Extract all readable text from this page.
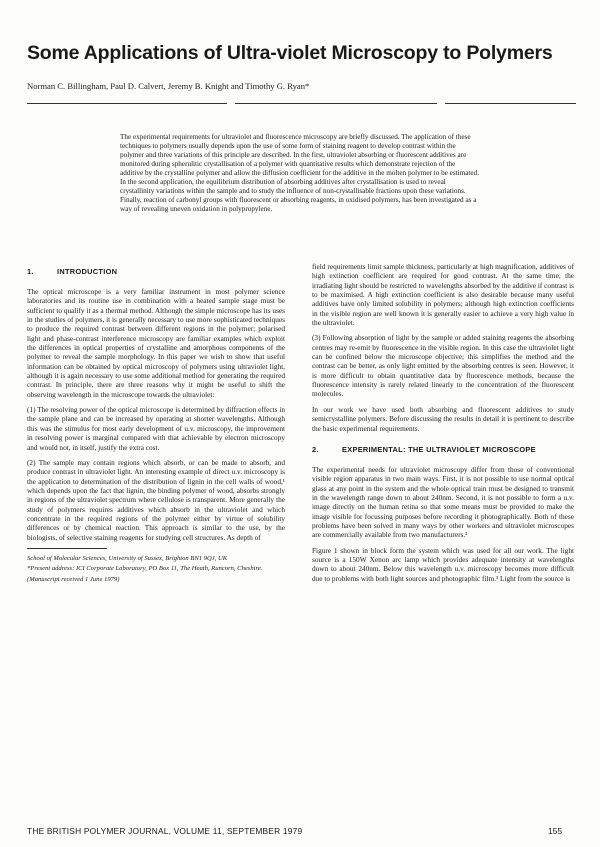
Some Applications of Ultra-violet Microscopy to Polymers
Norman C. Billingham, Paul D. Calvert, Jeremy B. Knight and Timothy G. Ryan*

The experimental requirements for ultraviolet and fluorescence microscopy are briefly discussed. The application of these techniques to polymers usually depends upon the use of some form of staining reagent to develop contrast within the polymer and three variations of this principle are described. In the first, ultraviolet absorbing or fluorescent additives are monitored during spherulitic crystallisation of a polymer with quantitative results which demonstrate rejection of the additive by the crystalline polymer and allow the diffusion coefficient for the additive in the molten polymer to be estimated. In the second application, the equilibrium distribution of absorbing additives after crystallisation is used to reveal crystallinity variations within the sample and to study the influence of non-crystallisable fractions upon these variations. Finally, reaction of carbonyl groups with fluorescent or absorbing reagents, in oxidised polymers, has been investigated as a way of revealing uneven oxidation in polypropylene.

1.	INTRODUCTION

The optical microscope is a very familiar instrument in most polymer science laboratories and its routine use in combination with a heated sample stage must be sufficient to qualify it as a thermal method. Although the simple microscope has its uses in the studies of polymers, it is generally necessary to use more sophisticated techniques to produce the required contrast between different regions in the polymer; polarised light and phase-contrast interference microscopy are familiar examples which exploit the differences in optical properties of crystalline and amorphous components of the polymer to reveal the sample morphology. In this paper we wish to show that useful information can be obtained by optical microscopy of polymers using ultraviolet light, although it is again necessary to use some additional method for generating the required contrast. In principle, there are three reasons why it might be useful to shift the observing wavelength in the microscope towards the ultraviolet:

(1) The resolving power of the optical microscope is determined by diffraction effects in the sample plane and can be increased by operating at shorter wavelengths. Although this was the stimulus for most early development of u.v. microscopy, the improvement in resolving power is marginal compared with that achievable by electron microscopy and would not, in itself, justify the extra cost.

(2) The sample may contain regions which absorb, or can be made to absorb, and produce contrast in ultraviolet light. An interesting example of direct u.v. microscopy is the application to determination of the distribution of lignin in the cell walls of wood,¹ which depends upon the fact that lignin, the binding polymer of wood, absorbs strongly in regions of the ultraviolet spectrum where cellulose is transparent. More generally the study of polymers requires additives which absorb in the ultraviolet and which concentrate in the required regions of the polymer either by virtue of solubility differences or by chemical reaction. This approach is similar to the use, by the biologists, of selective staining reagents for studying cell structures. As depth of

School of Molecular Sciences, University of Sussex, Brighton BN1 9QJ, UK

*Present address: ICI Corporate Laboratory, PO Box 11, The Heath, Runcorn, Cheshire.

(Manuscript received 1 June 1979)

field requirements limit sample thickness, particularly at high magnification, additives of high extinction coefficient are required for good contrast. At the same time, the irradiating light should be restricted to wavelengths absorbed by the additive if contrast is to be maximised. A high extinction coefficient is also desirable because many useful additives have only limited solubility in polymers; although high extinction coefficients in the visible region are well known it is generally easier to achieve a very high value in the ultraviolet.

(3) Following absorption of light by the sample or added staining reagents the absorbing centres may re-emit by fluorescence in the visible region. In this case the ultraviolet light can be confined below the microscope objective; this simplifies the method and the contrast can be better, as only light emitted by the absorbing centres is seen. However, it is more difficult to obtain quantitative data by fluorescence methods, because the fluorescence intensity is rarely related linearly to the concentration of the fluorescent molecules.

In our work we have used both absorbing and fluorescent additives to study semicrystalline polymers. Before discussing the results in detail it is pertinent to describe the basic experimental requirements.

2.	EXPERIMENTAL: THE ULTRAVIOLET MICROSCOPE

The experimental needs for ultraviolet microscopy differ from those of conventional visible region apparatus in two main ways. First, it is not possible to use normal optical glass at any point in the system and the whole optical train must be designed to transmit in the wavelength range down to about 240nm. Second, it is not possible to form a u.v. image directly on the human retina so that some means must be provided to make the image visible for focussing purposes before recording it photographically. Both of these problems have been solved in many ways by other workers and ultraviolet microscopes are commercially available from two manufacturers.²

Figure 1 shown in block form the system which was used for all our work. The light source is a 150W Xenon arc lamp which provides adequate intensity at wavelengths down to about 240nm. Below this wavelength u.v. microscopy becomes more difficult due to problems with both light sources and photographic film.³ Light from the source is

THE BRITISH POLYMER JOURNAL, VOLUME 11, SEPTEMBER 1979	155
